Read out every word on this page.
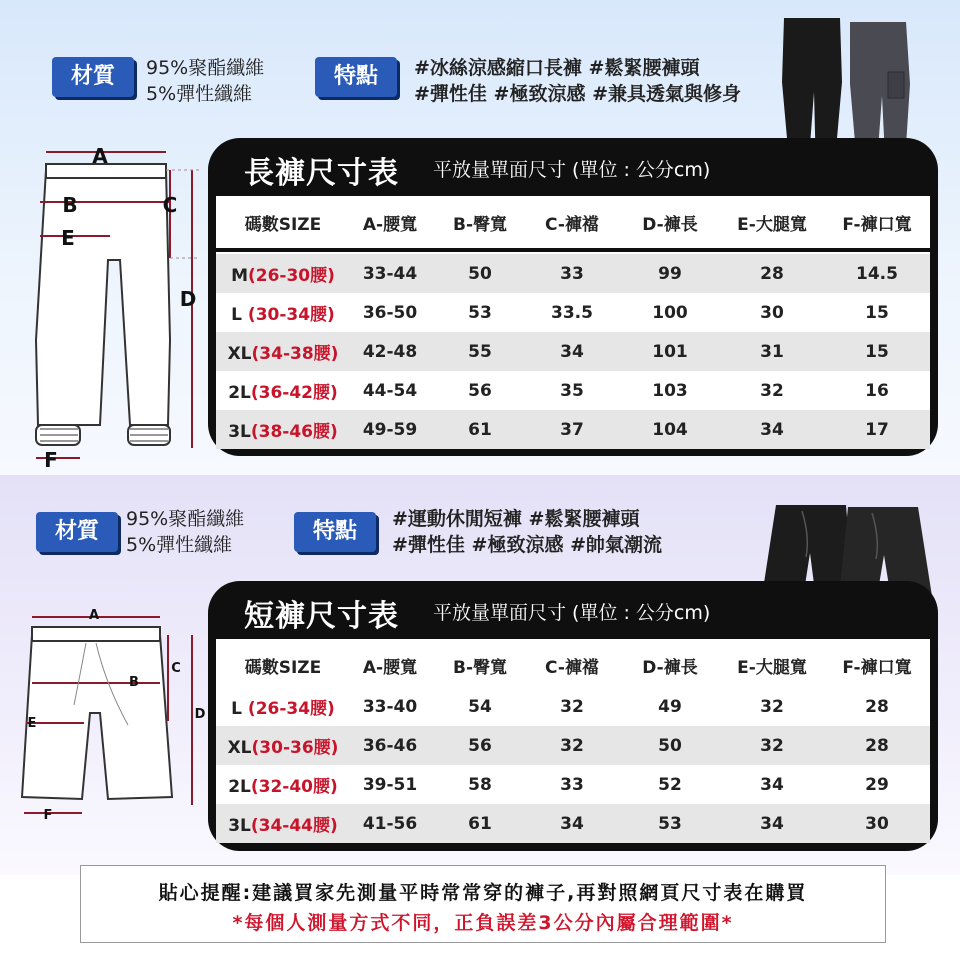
材質	95%聚酯纖維
5%彈性纖維
特點	#冰絲涼感縮口長褲 #鬆緊腰褲頭
#彈性佳 #極致涼感 #兼具透氣與修身
A
B	C
E
D
F
長褲尺寸表 平放量單面尺寸 (單位 : 公分cm)
碼數SIZE	A-腰寬	B-臀寬	C-褲襠	D-褲長	E-大腿寬	F-褲口寬
M(26-30腰)	33-44	50	33	99	28	14.5
L (30-34腰)	36-50	53	33.5	100	30	15
XL(34-38腰)	42-48	55	34	101	31	15
2L(36-42腰)	44-54	56	35	103	32	16
3L(38-46腰)	49-59	61	37	104	34	17
材質	95%聚酯纖維
5%彈性纖維
特點	#運動休閒短褲 #鬆緊腰褲頭
#彈性佳 #極致涼感 #帥氣潮流
A
B
C
D
E
F
短褲尺寸表 平放量單面尺寸 (單位 : 公分cm)
碼數SIZE	A-腰寬	B-臀寬	C-褲襠	D-褲長	E-大腿寬	F-褲口寬
L (26-34腰)	33-40	54	32	49	32	28
XL(30-36腰)	36-46	56	32	50	32	28
2L(32-40腰)	39-51	58	33	52	34	29
3L(34-44腰)	41-56	61	34	53	34	30
貼心提醒:建議買家先測量平時常常穿的褲子,再對照網頁尺寸表在購買
*每個人測量方式不同，正負誤差3公分內屬合理範圍*
